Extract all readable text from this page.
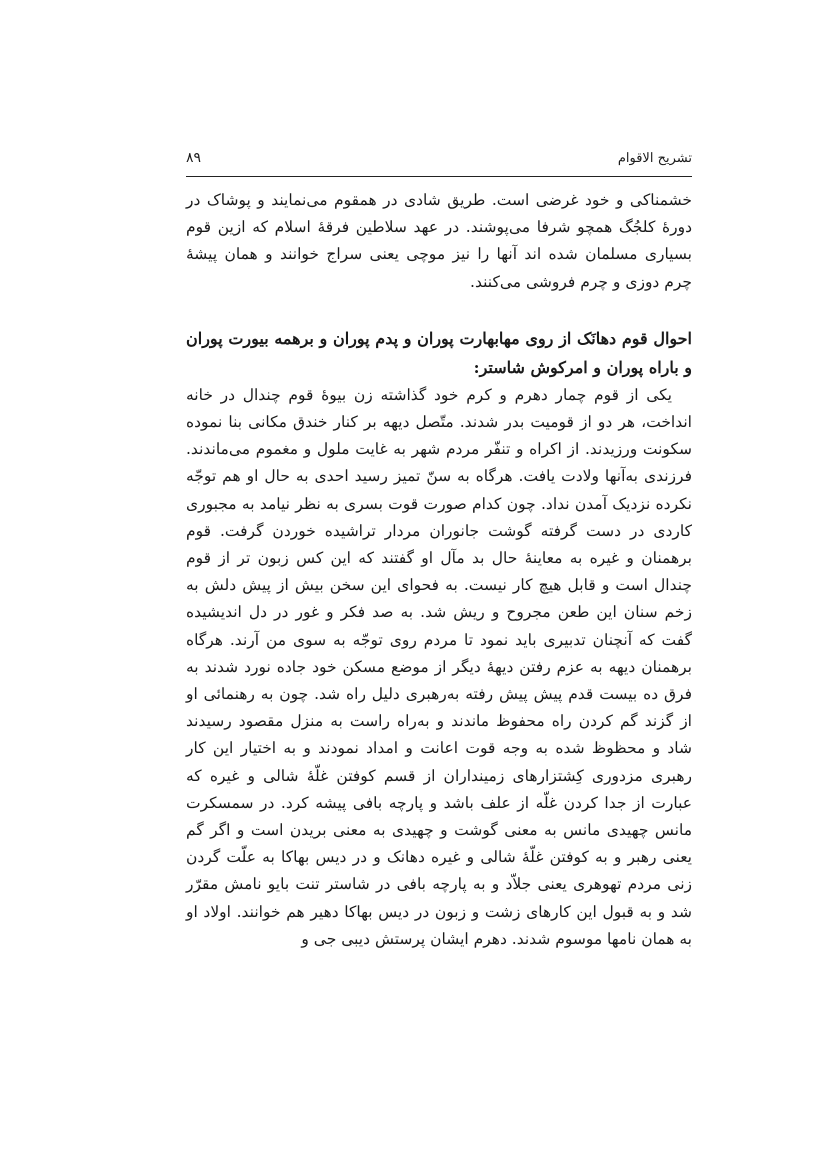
تشریح الاقوام
۸۹

خشمناکی و خود غرضی است. طریق شادی در همقوم می‌نمایند و پوشاک در دورهٔ کلجُگ همچو شرفا می‌پوشند. در عهد سلاطین فرقهٔ اسلام که ازین قوم بسیاری مسلمان شده اند آنها را نیز موچی یعنی سراج خوانند و همان پیشهٔ چرم دوزی و چرم فروشی می‌کنند.

احوال قوم دهانَک از روی مهابهارت پوران و پدم پوران و برهمه بیورت پوران و باراه پوران و امرکوش شاستر:

یکی از قوم چمار دهرم و کرم خود گذاشته زن بیوهٔ قوم چندال در خانه انداخت، هر دو از قومیت بدر شدند. متّصل دیهه بر کنار خندق مکانی بنا نموده سکونت ورزیدند. از اکراه و تنفّر مردم شهر به غایت ملول و مغموم می‌ماندند. فرزندی به‌آنها ولادت یافت. هرگاه به سنّ تمیز رسید احدی به حال او هم توجّه نکرده نزدیک آمدن نداد. چون کدام صورت قوت بسری به نظر نیامد به مجبوری کاردی در دست گرفته گوشت جانوران مردار تراشیده خوردن گرفت. قوم برهمنان و غیره به معاینهٔ حال بد مآل او گفتند که این کس زبون تر از قوم چندال است و قابل هیچ کار نیست. به فحوای این سخن بیش از پیش دلش به زخم سنان این طعن مجروح و ریش شد. به صد فکر و غور در دل اندیشیده گفت که آنچنان تدبیری باید نمود تا مردم روی توجّه به سوی من آرند. هرگاه برهمنان دیهه به عزم رفتن دیهۀ دیگر از موضع مسکن خود جاده نورد شدند به فرق ده بیست قدم پیش پیش رفته به‌رهبری دلیل راه شد. چون به رهنمائی او از گزند گم کردن راه محفوظ ماندند و به‌راه راست به منزل مقصود رسیدند شاد و محظوظ شده به وجه قوت اعانت و امداد نمودند و به اختیار این کار رهبری مزدوری کِشتزارهای زمینداران از قسم کوفتن غلّهٔ شالی و غیره که عبارت از جدا کردن غلّه از علف باشد و پارچه بافی پیشه کرد. در سمسکرت مانس چهیدی مانس به معنی گوشت و چهیدی به معنی بریدن است و اگر گم یعنی رهبر و به کوفتن غلّهٔ شالی و غیره دهانک و در دیس بهاکا به علّت گردن زنی مردم تهوهری یعنی جلاّد و به پارچه بافی در شاستر تنت بایو نامش مقرّر شد و به قبول این کارهای زشت و زبون در دیس بهاکا دهیر هم خوانند. اولاد او به همان نامها موسوم شدند. دهرم ایشان پرستش دیبی جی و
